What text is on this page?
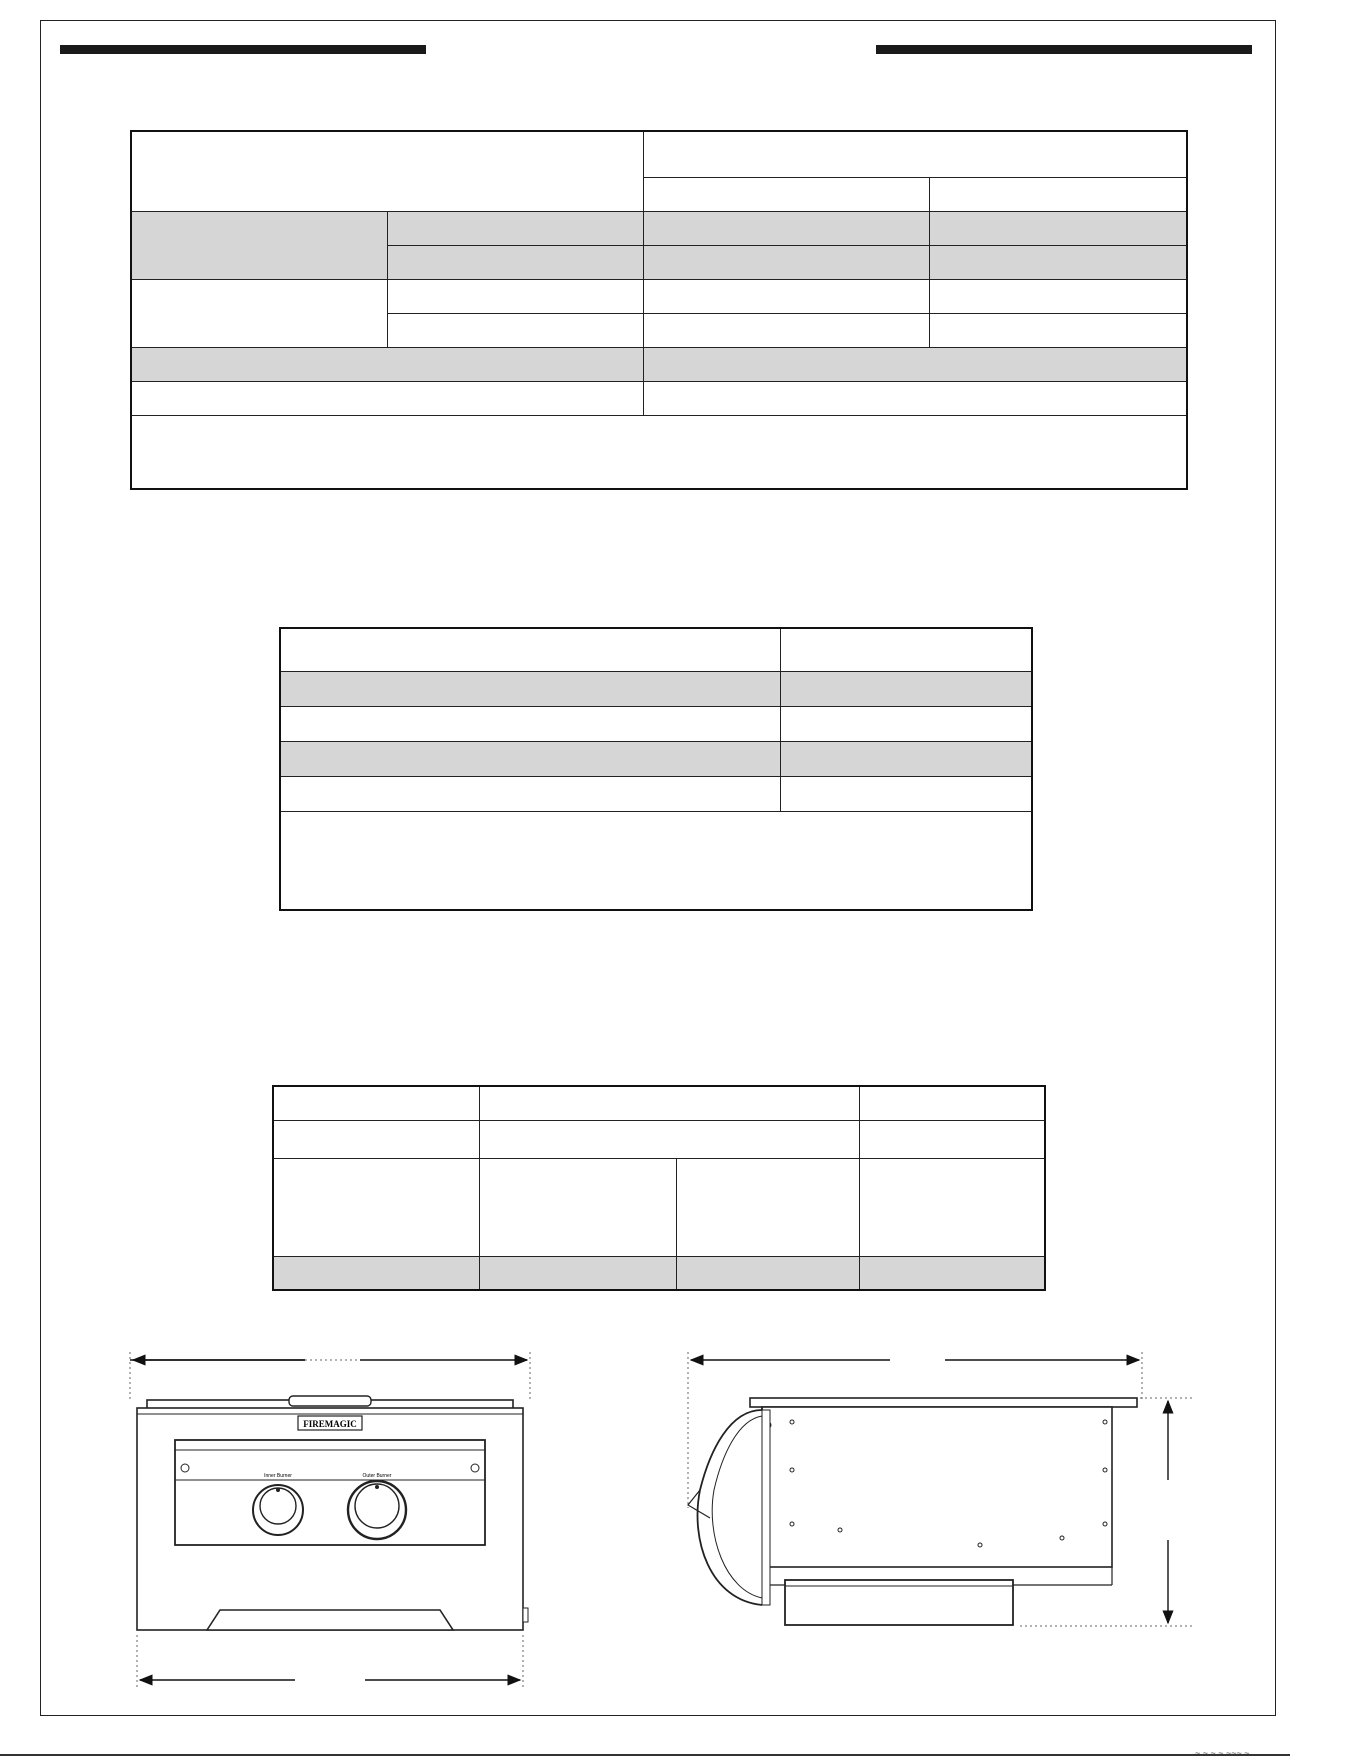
FIREMAGIC
Inner Burner	Outer Burner
~ ~ ~ ~ ~~~ ~
